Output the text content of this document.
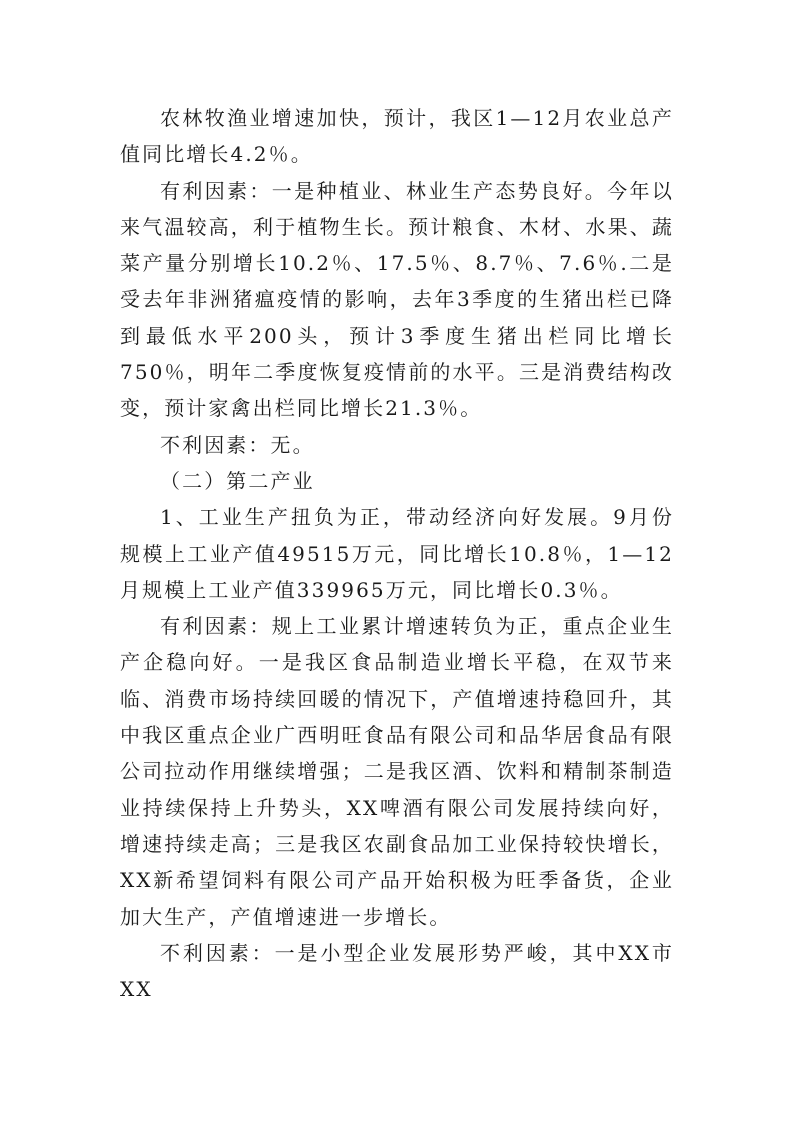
农林牧渔业增速加快，预计，我区1—12月农业总产值同比增长4.2％。

有利因素：一是种植业、林业生产态势良好。今年以来气温较高，利于植物生长。预计粮食、木材、水果、蔬菜产量分别增长10.2％、17.5％、8.7％、7.6％.二是受去年非洲猪瘟疫情的影响，去年3季度的生猪出栏已降到最低水平200头，预计3季度生猪出栏同比增长750％，明年二季度恢复疫情前的水平。三是消费结构改变，预计家禽出栏同比增长21.3％。

不利因素：无。

（二）第二产业

1、工业生产扭负为正，带动经济向好发展。9月份规模上工业产值49515万元，同比增长10.8％，1—12月规模上工业产值339965万元，同比增长0.3％。

有利因素：规上工业累计增速转负为正，重点企业生产企稳向好。一是我区食品制造业增长平稳，在双节来临、消费市场持续回暖的情况下，产值增速持稳回升，其中我区重点企业广西明旺食品有限公司和品华居食品有限公司拉动作用继续增强；二是我区酒、饮料和精制茶制造业持续保持上升势头，XX啤酒有限公司发展持续向好，增速持续走高；三是我区农副食品加工业保持较快增长，XX新希望饲料有限公司产品开始积极为旺季备货，企业加大生产，产值增速进一步增长。

不利因素：一是小型企业发展形势严峻，其中XX市XX
